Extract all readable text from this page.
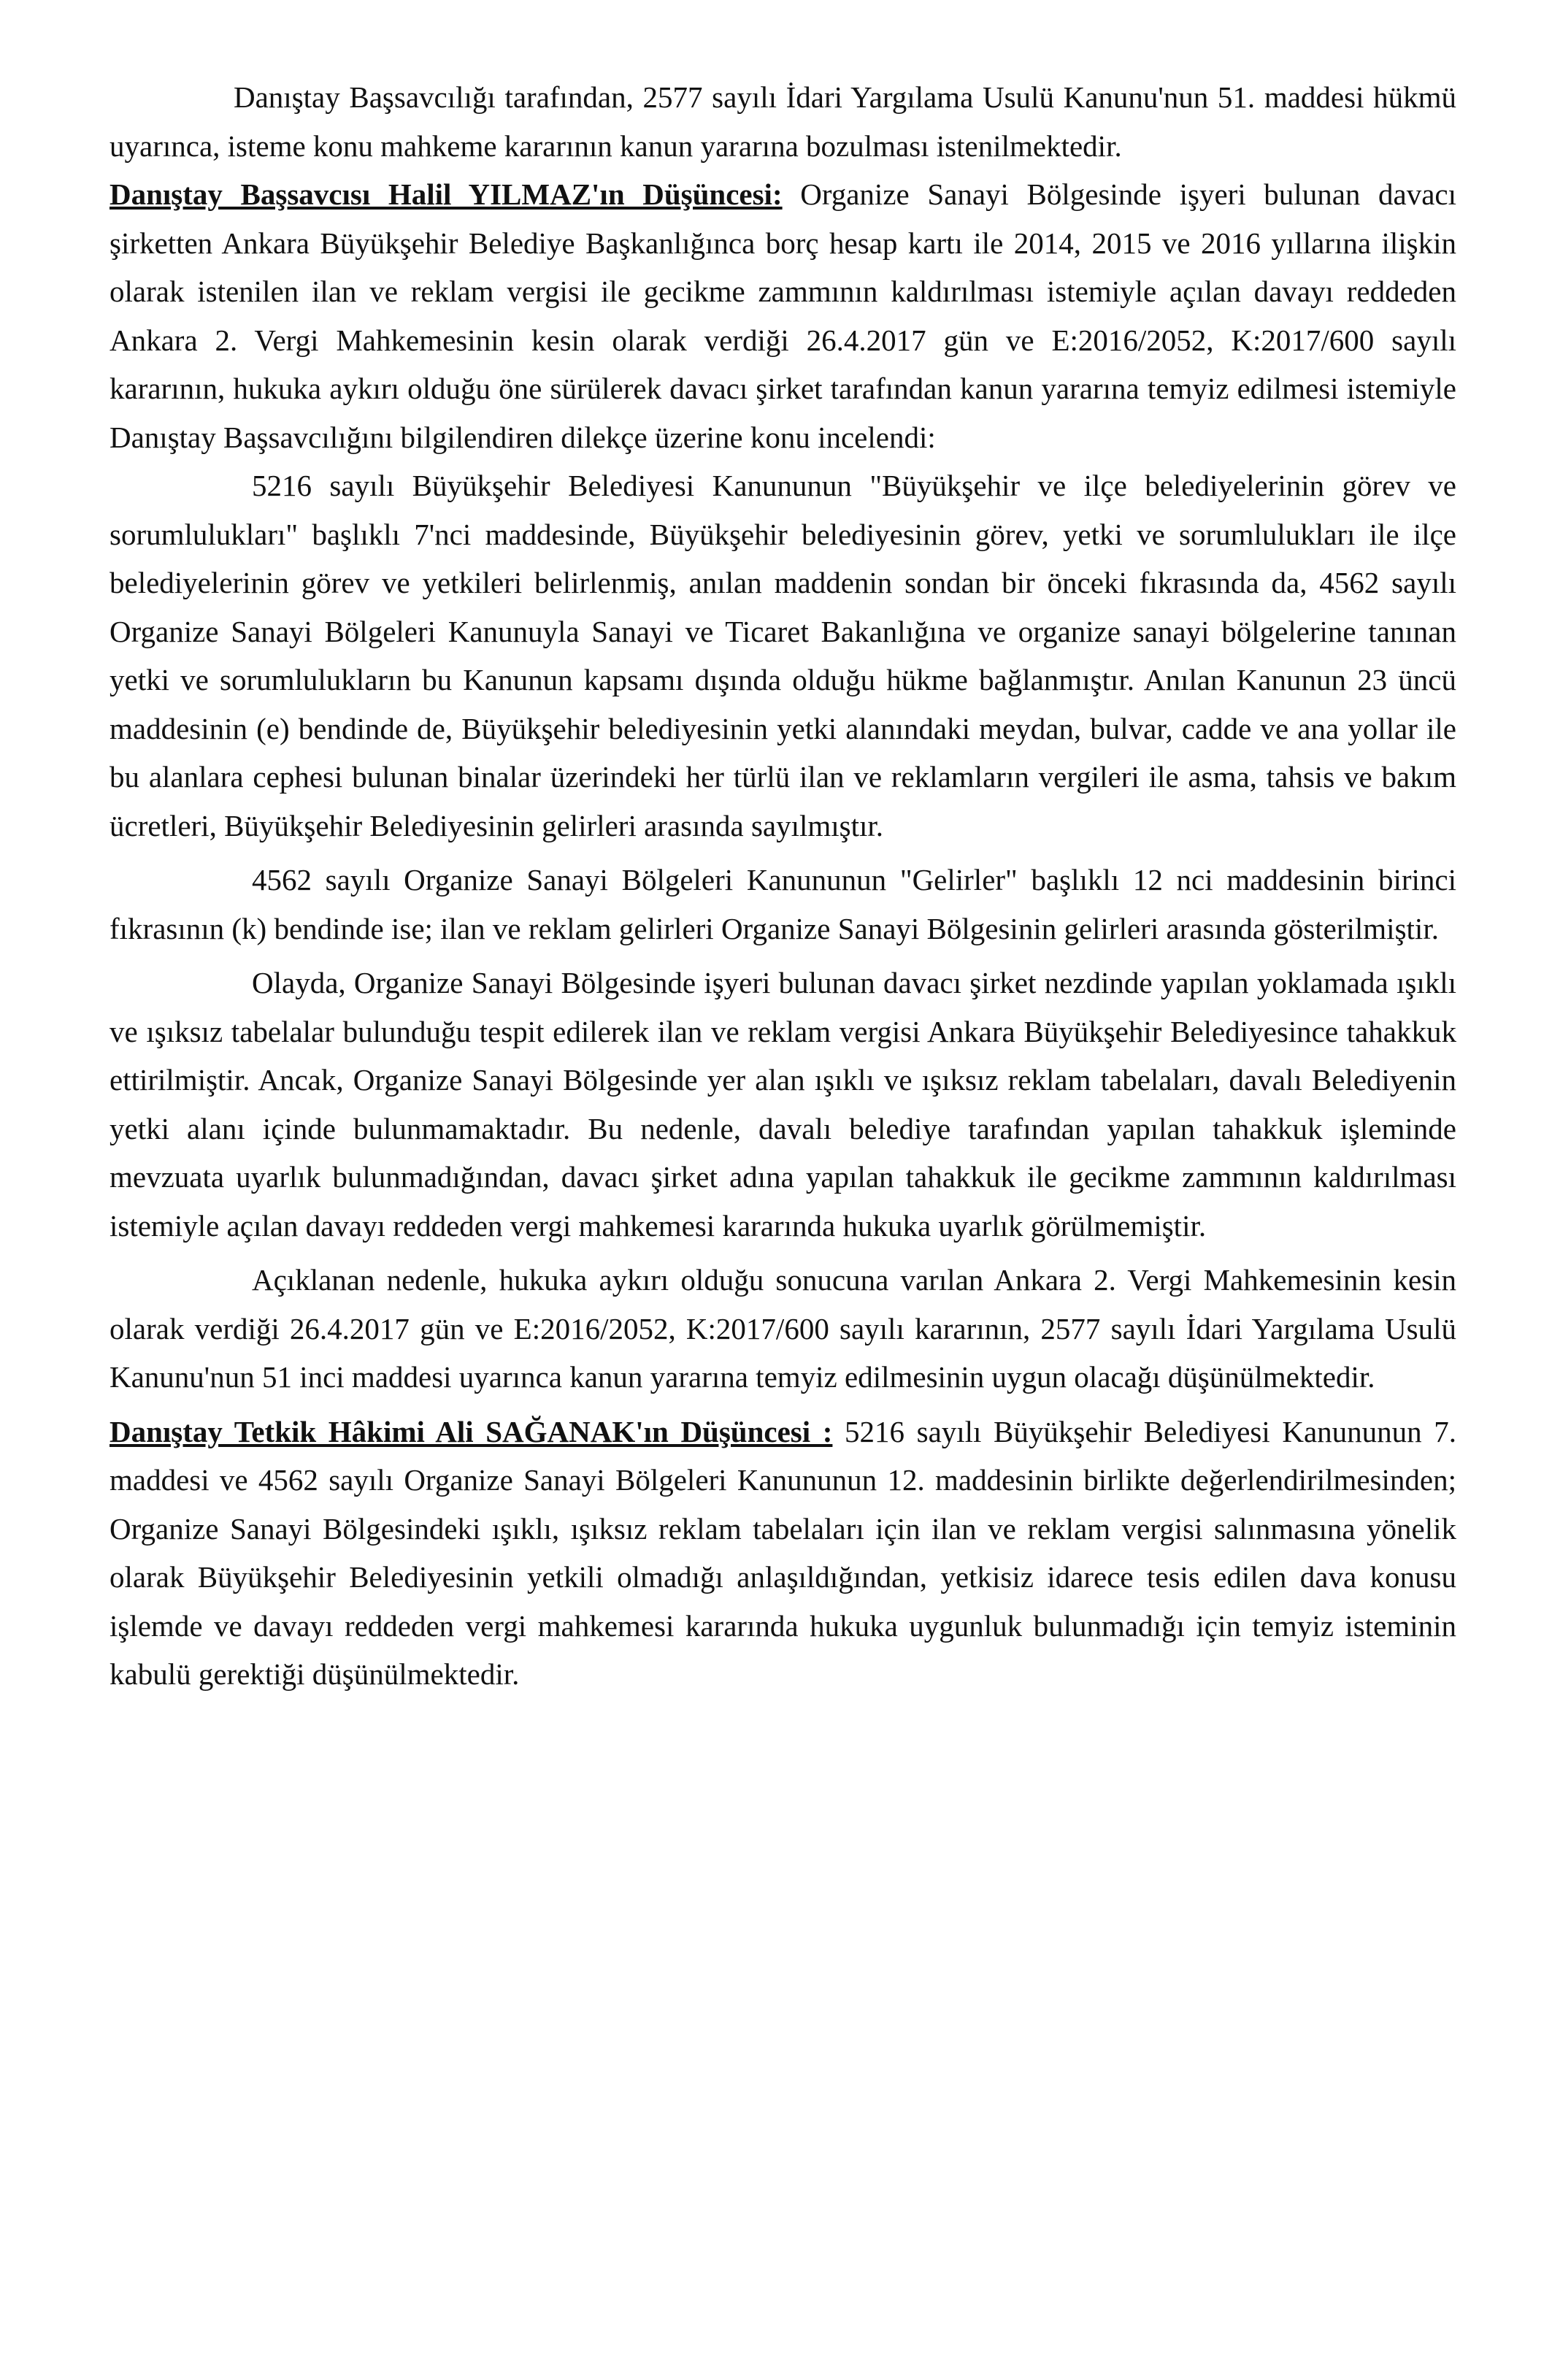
Danıştay Başsavcılığı tarafından, 2577 sayılı İdari Yargılama Usulü Kanunu'nun 51. maddesi hükmü uyarınca, isteme konu mahkeme kararının kanun yararına bozulması istenilmektedir.

Danıştay Başsavcısı Halil YILMAZ'ın Düşüncesi: Organize Sanayi Bölgesinde işyeri bulunan davacı şirketten Ankara Büyükşehir Belediye Başkanlığınca borç hesap kartı ile 2014, 2015 ve 2016 yıllarına ilişkin olarak istenilen ilan ve reklam vergisi ile gecikme zammının kaldırılması istemiyle açılan davayı reddeden Ankara 2. Vergi Mahkemesinin kesin olarak verdiği 26.4.2017 gün ve E:2016/2052, K:2017/600 sayılı kararının, hukuka aykırı olduğu öne sürülerek davacı şirket tarafından kanun yararına temyiz edilmesi istemiyle Danıştay Başsavcılığını bilgilendiren dilekçe üzerine konu incelendi:

5216 sayılı Büyükşehir Belediyesi Kanununun "Büyükşehir ve ilçe belediyelerinin görev ve sorumlulukları" başlıklı 7'nci maddesinde, Büyükşehir belediyesinin görev, yetki ve sorumlulukları ile ilçe belediyelerinin görev ve yetkileri belirlenmiş, anılan maddenin sondan bir önceki fıkrasında da, 4562 sayılı Organize Sanayi Bölgeleri Kanunuyla Sanayi ve Ticaret Bakanlığına ve organize sanayi bölgelerine tanınan yetki ve sorumlulukların bu Kanunun kapsamı dışında olduğu hükme bağlanmıştır. Anılan Kanunun 23 üncü maddesinin (e) bendinde de, Büyükşehir belediyesinin yetki alanındaki meydan, bulvar, cadde ve ana yollar ile bu alanlara cephesi bulunan binalar üzerindeki her türlü ilan ve reklamların vergileri ile asma, tahsis ve bakım ücretleri, Büyükşehir Belediyesinin gelirleri arasında sayılmıştır.

4562 sayılı Organize Sanayi Bölgeleri Kanununun "Gelirler" başlıklı 12 nci maddesinin birinci fıkrasının (k) bendinde ise; ilan ve reklam gelirleri Organize Sanayi Bölgesinin gelirleri arasında gösterilmiştir.

Olayda, Organize Sanayi Bölgesinde işyeri bulunan davacı şirket nezdinde yapılan yoklamada ışıklı ve ışıksız tabelalar bulunduğu tespit edilerek ilan ve reklam vergisi Ankara Büyükşehir Belediyesince tahakkuk ettirilmiştir. Ancak, Organize Sanayi Bölgesinde yer alan ışıklı ve ışıksız reklam tabelaları, davalı Belediyenin yetki alanı içinde bulunmamaktadır. Bu nedenle, davalı belediye tarafından yapılan tahakkuk işleminde mevzuata uyarlık bulunmadığından, davacı şirket adına yapılan tahakkuk ile gecikme zammının kaldırılması istemiyle açılan davayı reddeden vergi mahkemesi kararında hukuka uyarlık görülmemiştir.

Açıklanan nedenle, hukuka aykırı olduğu sonucuna varılan Ankara 2. Vergi Mahkemesinin kesin olarak verdiği 26.4.2017 gün ve E:2016/2052, K:2017/600 sayılı kararının, 2577 sayılı İdari Yargılama Usulü Kanunu'nun 51 inci maddesi uyarınca kanun yararına temyiz edilmesinin uygun olacağı düşünülmektedir.

Danıştay Tetkik Hâkimi Ali SAĞANAK'ın Düşüncesi : 5216 sayılı Büyükşehir Belediyesi Kanununun 7. maddesi ve 4562 sayılı Organize Sanayi Bölgeleri Kanununun 12. maddesinin birlikte değerlendirilmesinden; Organize Sanayi Bölgesindeki ışıklı, ışıksız reklam tabelaları için ilan ve reklam vergisi salınmasına yönelik olarak Büyükşehir Belediyesinin yetkili olmadığı anlaşıldığından, yetkisiz idarece tesis edilen dava konusu işlemde ve davayı reddeden vergi mahkemesi kararında hukuka uygunluk bulunmadığı için temyiz isteminin kabulü gerektiği düşünülmektedir.
